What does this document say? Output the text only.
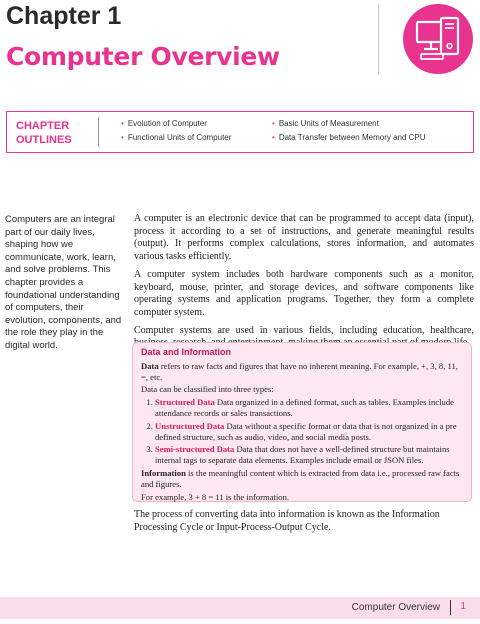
Chapter 1
Computer Overview
CHAPTER
OUTLINES
• Evolution of Computer
• Functional Units of Computer
• Basic Units of Measurement
• Data Transfer between Memory and CPU
Computers are an integral part of our daily lives, shaping how we communicate, work, learn, and solve problems. This chapter provides a foundational understanding of computers, their evolution, components, and the role they play in the digital world.

A computer is an electronic device that can be programmed to accept data (input), process it according to a set of instructions, and generate meaningful results (output). It performs complex calculations, stores information, and automates various tasks efficiently.

A computer system includes both hardware components such as a monitor, keyboard, mouse, printer, and storage devices, and software components like operating systems and application programs. Together, they form a complete computer system.

Computer systems are used in various fields, including education, healthcare,

Data and Information

Data refers to raw facts and figures that have no inherent meaning. For example, +, 3, 8, 11, =, etc.

Data can be classified into three types:

1. Structured Data Data organized in a defined format, such as tables. Examples include attendance records or sales transactions.
2. Unstructured Data Data without a specific format or data that is not organized in a pre defined structure, such as audio, video, and social media posts.
3. Semi-structured Data Data that does not have a well-defined structure but maintains internal tags to separate data elements. Examples include email or JSON files.

Information is the meaningful content which is extracted from data i.e., processed raw facts and figures.

For example, 3 + 8 = 11 is the information.

The process of converting data into information is known as the Information Processing Cycle or Input-Process-Output Cycle.
Computer Overview 1
